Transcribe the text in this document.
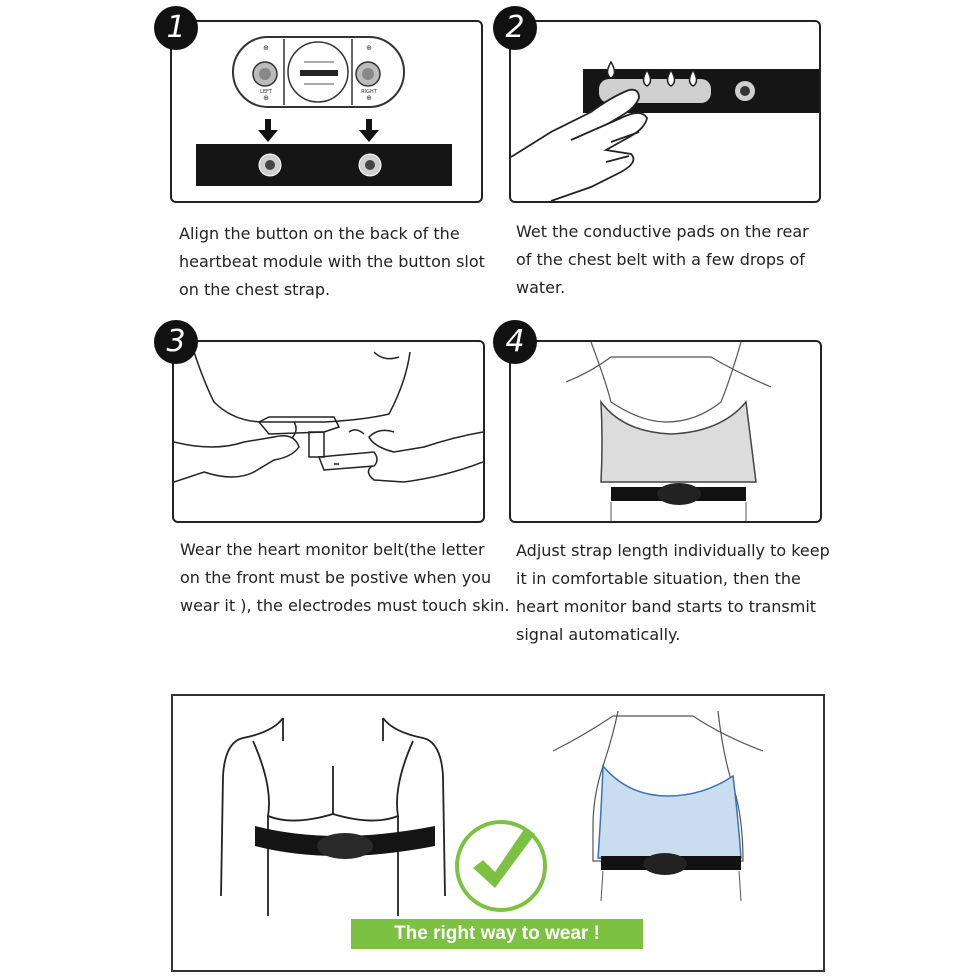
⊕	⊕
⊕	⊕
LEFT	RIGHT
1
Align the button on the back of the
heartbeat module with the button slot
on the chest strap.
2
Wet the conductive pads on the rear
of the chest belt with a few drops of
water.
3
Wear the heart monitor belt(the letter
on the front must be postive when you
wear it ), the electrodes must touch skin.
4
Adjust strap length individually to keep
it in comfortable situation, then the
heart monitor band starts to transmit
signal automatically.
The right way to wear !
